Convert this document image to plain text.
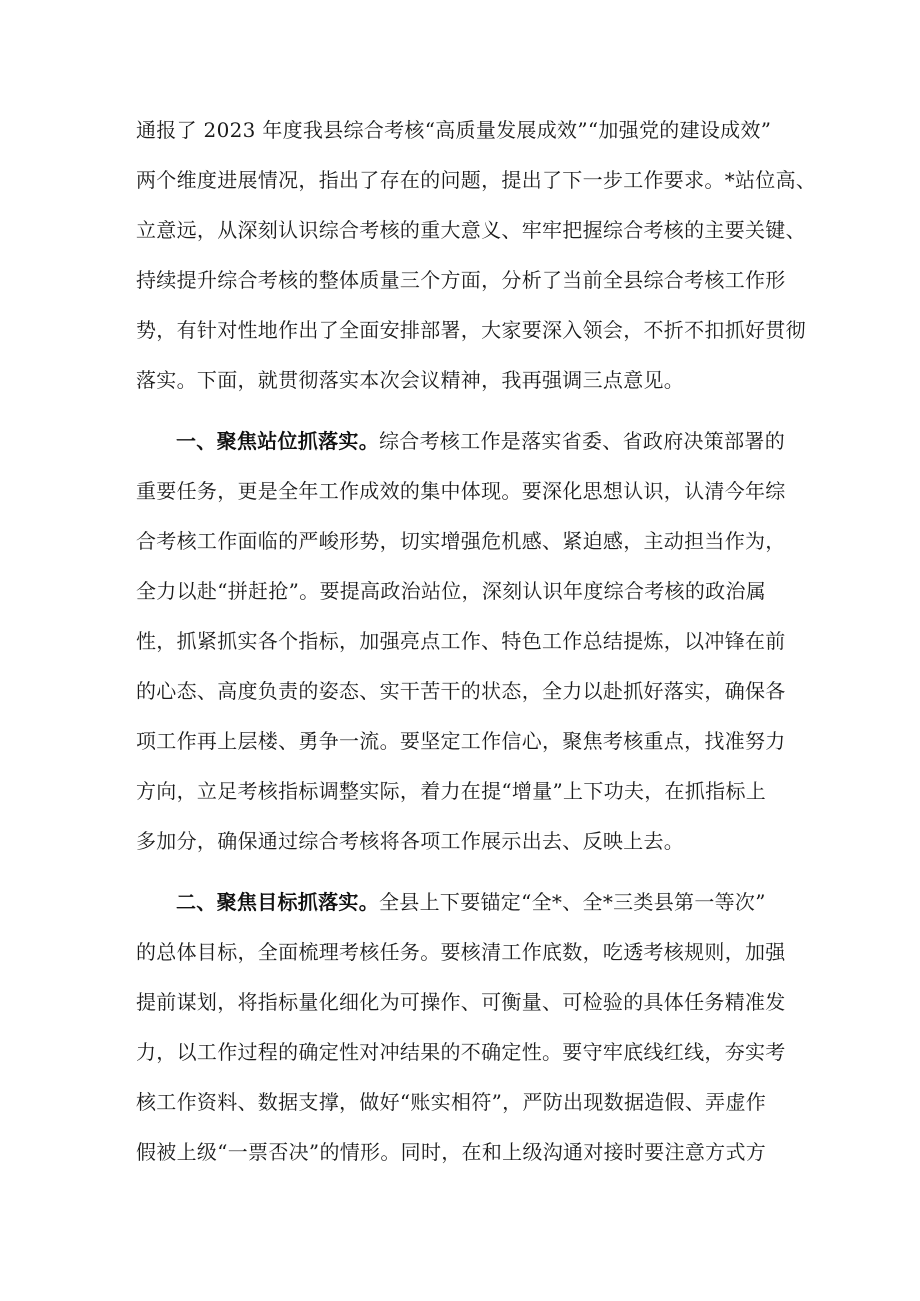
通报了 2023 年度我县综合考核“高质量发展成效”“加强党的建设成效”
两个维度进展情况，指出了存在的问题，提出了下一步工作要求。*站位高、
立意远，从深刻认识综合考核的重大意义、牢牢把握综合考核的主要关键、
持续提升综合考核的整体质量三个方面，分析了当前全县综合考核工作形
势，有针对性地作出了全面安排部署，大家要深入领会，不折不扣抓好贯彻
落实。下面，就贯彻落实本次会议精神，我再强调三点意见。
一、聚焦站位抓落实。综合考核工作是落实省委、省政府决策部署的
重要任务，更是全年工作成效的集中体现。要深化思想认识，认清今年综
合考核工作面临的严峻形势，切实增强危机感、紧迫感，主动担当作为，
全力以赴“拼赶抢”。要提高政治站位，深刻认识年度综合考核的政治属
性，抓紧抓实各个指标，加强亮点工作、特色工作总结提炼，以冲锋在前
的心态、高度负责的姿态、实干苦干的状态，全力以赴抓好落实，确保各
项工作再上层楼、勇争一流。要坚定工作信心，聚焦考核重点，找准努力
方向，立足考核指标调整实际，着力在提“增量”上下功夫，在抓指标上
多加分，确保通过综合考核将各项工作展示出去、反映上去。
二、聚焦目标抓落实。全县上下要锚定“全*、全*三类县第一等次”
的总体目标，全面梳理考核任务。要核清工作底数，吃透考核规则，加强
提前谋划，将指标量化细化为可操作、可衡量、可检验的具体任务精准发
力，以工作过程的确定性对冲结果的不确定性。要守牢底线红线，夯实考
核工作资料、数据支撑，做好“账实相符”，严防出现数据造假、弄虚作
假被上级“一票否决”的情形。同时，在和上级沟通对接时要注意方式方
